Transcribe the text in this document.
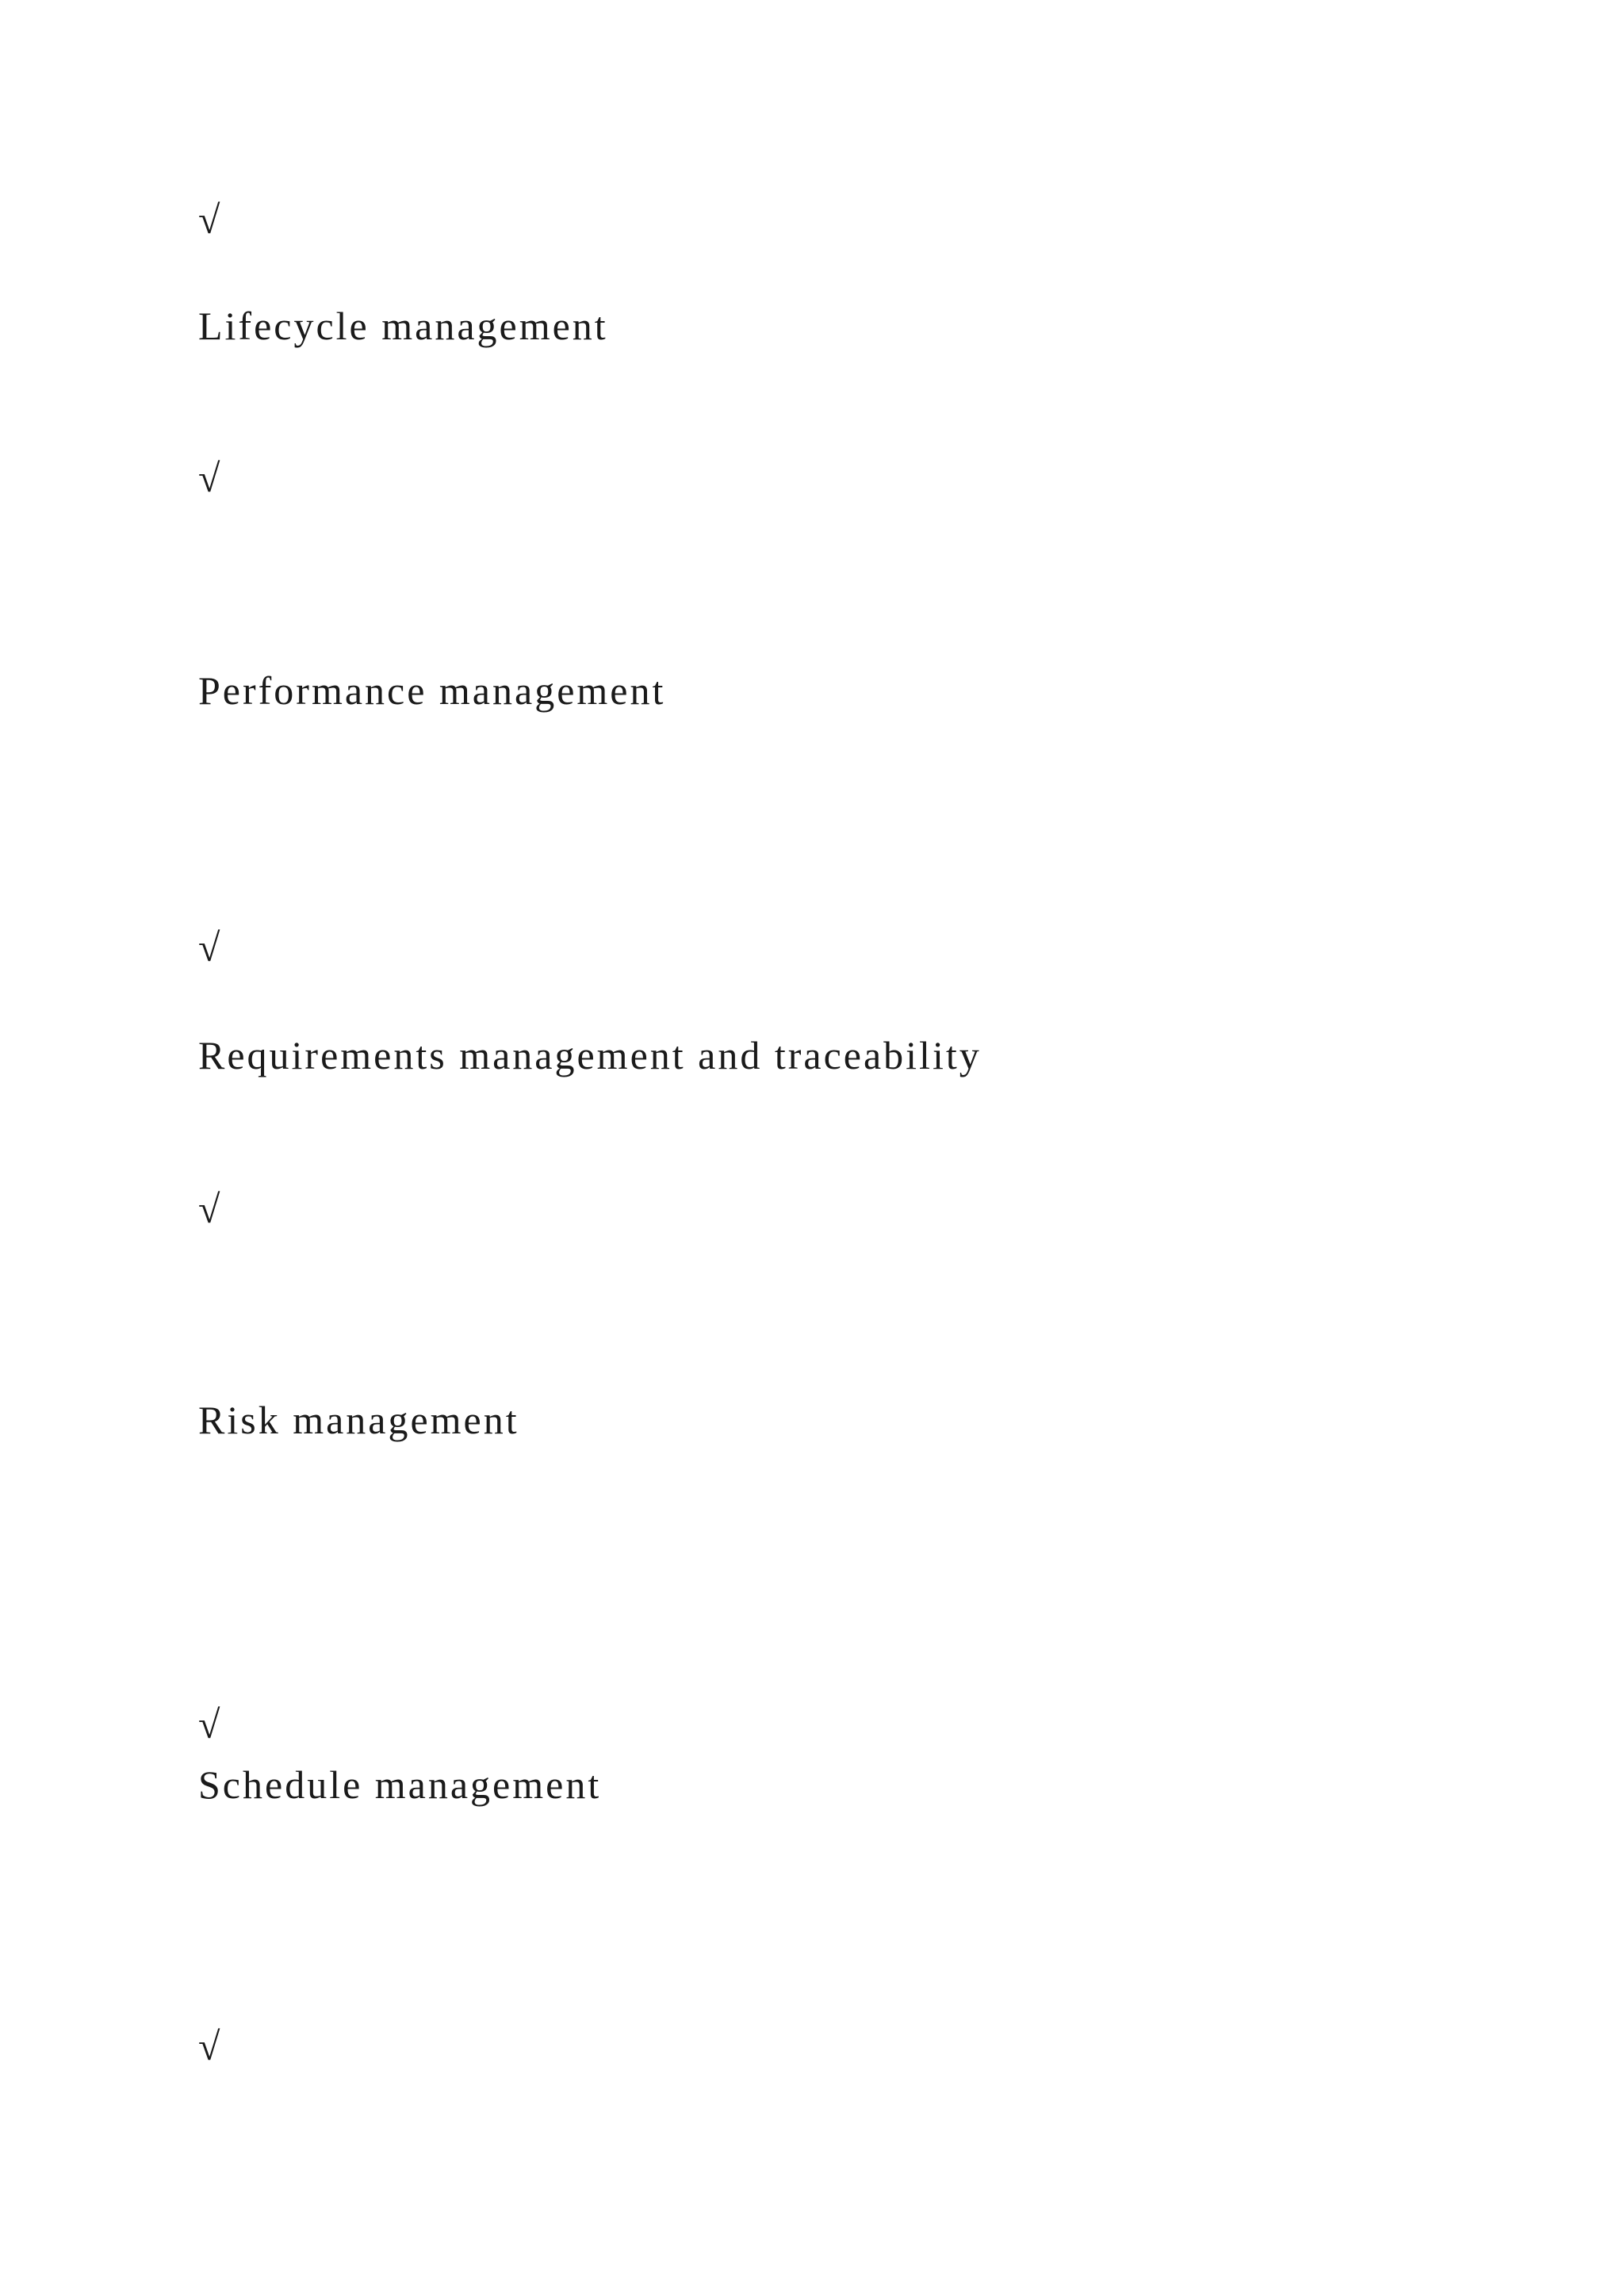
√
Lifecycle management
√
Performance management
√
Requirements management and traceability
√
Risk management
√
Schedule management
√
